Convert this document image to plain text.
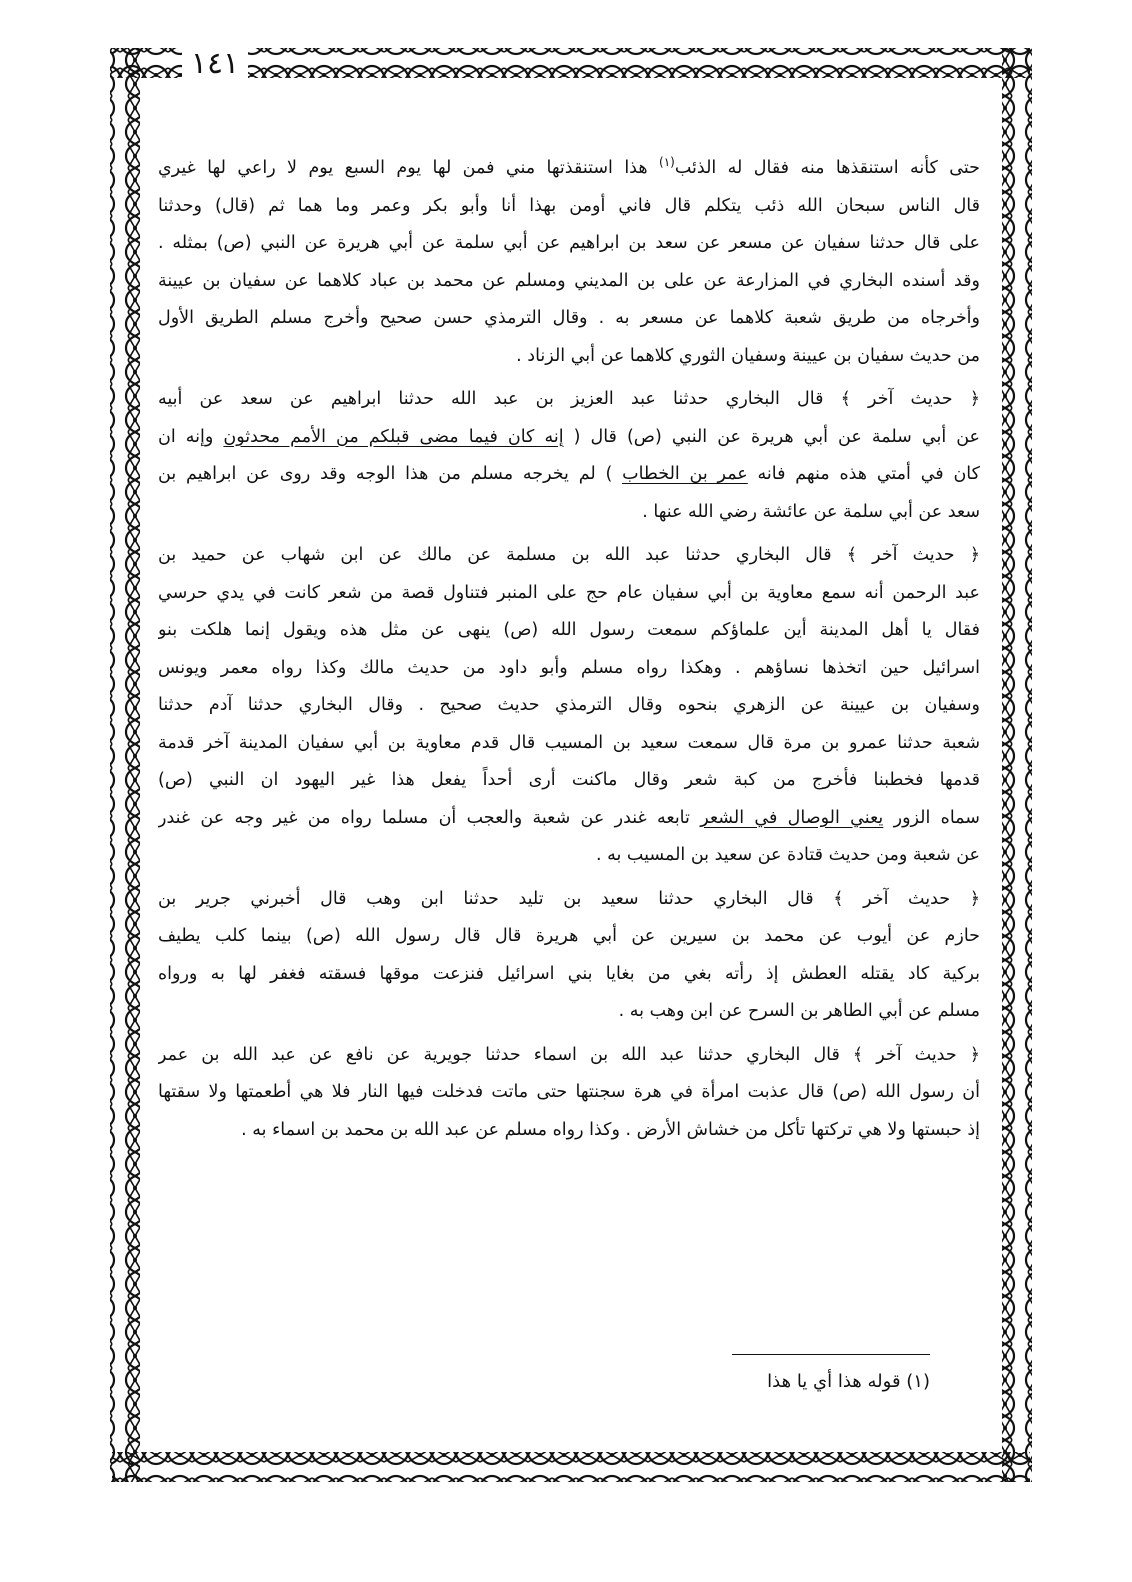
١٤١
حتى كأنه استنقذها منه فقال له الذئب$^{(١)}$ هذا استنقذتها مني فمن لها يوم السبع يوم لا راعي لها غيري
قال الناس سبحان الله ذئب يتكلم قال فاني أومن بهذا أنا وأبو بكر وعمر وما هما ثم (قال) وحدثنا
على قال حدثنا سفيان عن مسعر عن سعد بن ابراهيم عن أبي سلمة عن أبي هريرة عن النبي (ص) بمثله .
وقد أسنده البخاري في المزارعة عن على بن المديني ومسلم عن محمد بن عباد كلاهما عن سفيان بن عيينة
وأخرجاه من طريق شعبة كلاهما عن مسعر به . وقال الترمذي حسن صحيح وأخرج مسلم الطريق الأول
من حديث سفيان بن عيينة وسفيان الثوري كلاهما عن أبي الزناد .
﴿ حديث آخر ﴾ قال البخاري حدثنا عبد العزيز بن عبد الله حدثنا ابراهيم عن سعد عن أبيه
عن أبي سلمة عن أبي هريرة عن النبي (ص) قال ( إنه كان فيما مضى قبلكم من الأمم محدثون وإنه ان
كان في أمتي هذه منهم فانه عمر بن الخطاب ) لم يخرجه مسلم من هذا الوجه وقد روى عن ابراهيم بن
سعد عن أبي سلمة عن عائشة رضي الله عنها .
﴿ حديث آخر ﴾ قال البخاري حدثنا عبد الله بن مسلمة عن مالك عن ابن شهاب عن حميد بن
عبد الرحمن أنه سمع معاوية بن أبي سفيان عام حج على المنبر فتناول قصة من شعر كانت في يدي حرسي
فقال يا أهل المدينة أين علماؤكم سمعت رسول الله (ص) ينهى عن مثل هذه ويقول إنما هلكت بنو
اسرائيل حين اتخذها نساؤهم . وهكذا رواه مسلم وأبو داود من حديث مالك وكذا رواه معمر ويونس
وسفيان بن عيينة عن الزهري بنحوه وقال الترمذي حديث صحيح . وقال البخاري حدثنا آدم حدثنا
شعبة حدثنا عمرو بن مرة قال سمعت سعيد بن المسيب قال قدم معاوية بن أبي سفيان المدينة آخر قدمة
قدمها فخطبنا فأخرج من كبة شعر وقال ماكنت أرى أحداً يفعل هذا غير اليهود ان النبي (ص)
سماه الزور يعني الوصال في الشعر تابعه غندر عن شعبة والعجب أن مسلما رواه من غير وجه عن غندر
عن شعبة ومن حديث قتادة عن سعيد بن المسيب به .
﴿ حديث آخر ﴾ قال البخاري حدثنا سعيد بن تليد حدثنا ابن وهب قال أخبرني جرير بن
حازم عن أيوب عن محمد بن سيرين عن أبي هريرة قال قال رسول الله (ص) بينما كلب يطيف
بركية كاد يقتله العطش إذ رأته بغي من بغايا بني اسرائيل فنزعت موقها فسقته فغفر لها به ورواه
مسلم عن أبي الطاهر بن السرح عن ابن وهب به .
﴿ حديث آخر ﴾ قال البخاري حدثنا عبد الله بن اسماء حدثنا جويرية عن نافع عن عبد الله بن عمر
أن رسول الله (ص) قال عذبت امرأة في هرة سجنتها حتى ماتت فدخلت فيها النار فلا هي أطعمتها ولا سقتها
إذ حبستها ولا هي تركتها تأكل من خشاش الأرض . وكذا رواه مسلم عن عبد الله بن محمد بن اسماء به .
(١) قوله هذا أي يا هذا
